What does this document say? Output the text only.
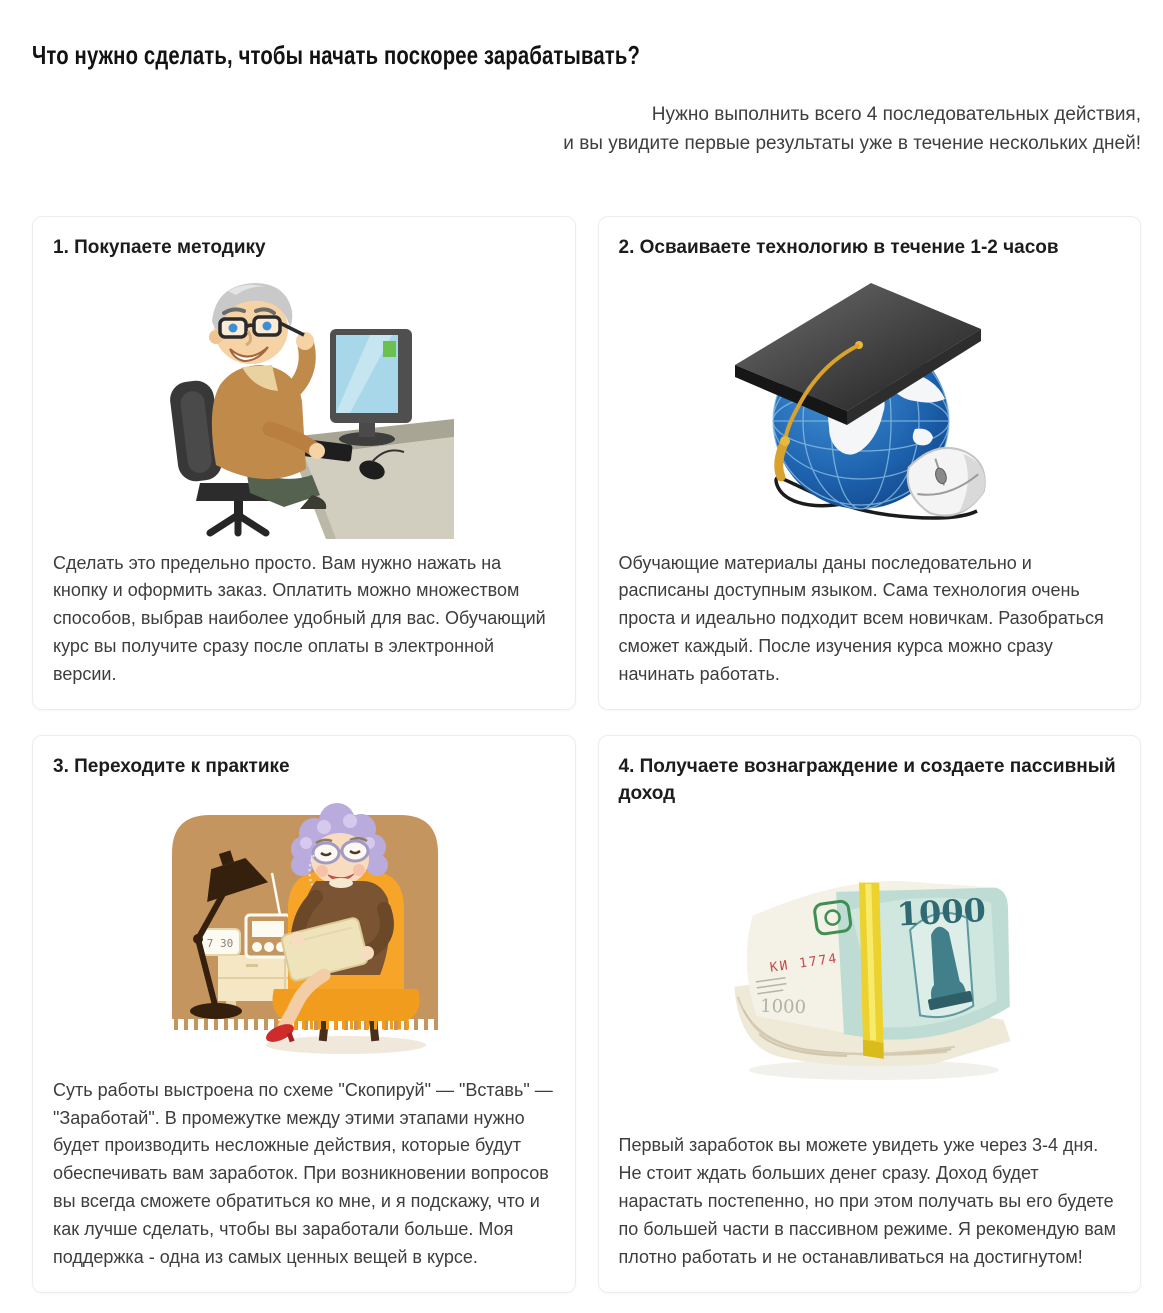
Что нужно сделать, чтобы начать поскорее зарабатывать?
Нужно выполнить всего 4 последовательных действия,
и вы увидите первые результаты уже в течение нескольких дней!
1. Покупаете методику
Сделать это предельно просто. Вам нужно нажать на кнопку и оформить заказ. Оплатить можно множеством способов, выбрав наиболее удобный для вас. Обучающий курс вы получите сразу после оплаты в электронной версии.
2. Осваиваете технологию в течение 1-2 часов
Обучающие материалы даны последовательно и расписаны доступным языком. Сама технология очень проста и идеально подходит всем новичкам. Разобраться сможет каждый. После изучения курса можно сразу начинать работать.
3. Переходите к практике
7 30
Суть работы выстроена по схеме "Скопируй" — "Вставь" — "Заработай". В промежутке между этими этапами нужно будет производить несложные действия, которые будут обеспечивать вам заработок. При возникновении вопросов вы всегда сможете обратиться ко мне, и я подскажу, что и как лучше сделать, чтобы вы заработали больше. Моя поддержка - одна из самых ценных вещей в курсе.
4. Получаете вознаграждение и создаете пассивный доход
1000
КИ 1774
1000
Первый заработок вы можете увидеть уже через 3-4 дня. Не стоит ждать больших денег сразу. Доход будет нарастать постепенно, но при этом получать вы его будете по большей части в пассивном режиме. Я рекомендую вам плотно работать и не останавливаться на достигнутом!
